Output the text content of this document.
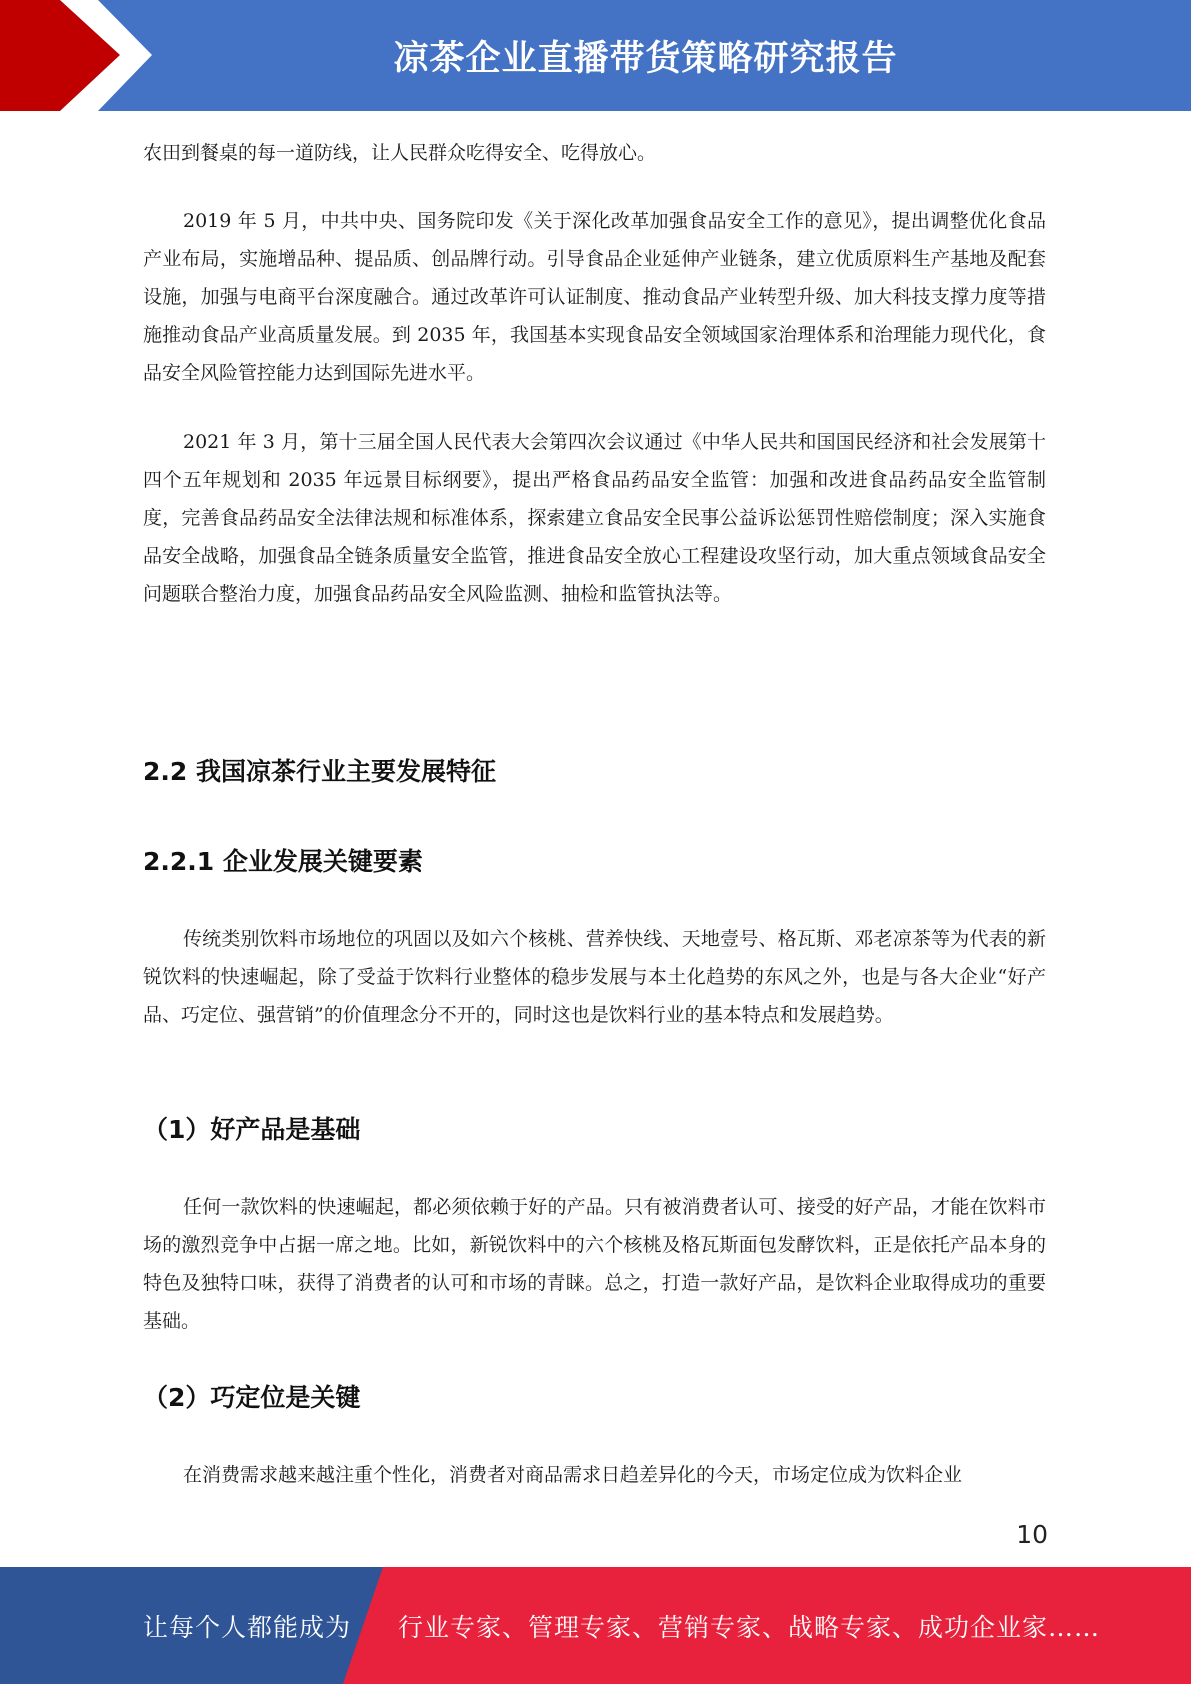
凉茶企业直播带货策略研究报告

农田到餐桌的每一道防线，让人民群众吃得安全、吃得放心。

2019 年 5 月，中共中央、国务院印发《关于深化改革加强食品安全工作的意见》，提出调整优化食品产业布局，实施增品种、提品质、创品牌行动。引导食品企业延伸产业链条，建立优质原料生产基地及配套设施，加强与电商平台深度融合。通过改革许可认证制度、推动食品产业转型升级、加大科技支撑力度等措施推动食品产业高质量发展。到 2035 年，我国基本实现食品安全领域国家治理体系和治理能力现代化，食品安全风险管控能力达到国际先进水平。

2021 年 3 月，第十三届全国人民代表大会第四次会议通过《中华人民共和国国民经济和社会发展第十四个五年规划和 2035 年远景目标纲要》，提出严格食品药品安全监管：加强和改进食品药品安全监管制度，完善食品药品安全法律法规和标准体系，探索建立食品安全民事公益诉讼惩罚性赔偿制度；深入实施食品安全战略，加强食品全链条质量安全监管，推进食品安全放心工程建设攻坚行动，加大重点领域食品安全问题联合整治力度，加强食品药品安全风险监测、抽检和监管执法等。

2.2 我国凉茶行业主要发展特征
2.2.1 企业发展关键要素

传统类别饮料市场地位的巩固以及如六个核桃、营养快线、天地壹号、格瓦斯、邓老凉茶等为代表的新锐饮料的快速崛起，除了受益于饮料行业整体的稳步发展与本土化趋势的东风之外，也是与各大企业“好产品、巧定位、强营销”的价值理念分不开的，同时这也是饮料行业的基本特点和发展趋势。

（1）好产品是基础

任何一款饮料的快速崛起，都必须依赖于好的产品。只有被消费者认可、接受的好产品，才能在饮料市场的激烈竞争中占据一席之地。比如，新锐饮料中的六个核桃及格瓦斯面包发酵饮料，正是依托产品本身的特色及独特口味，获得了消费者的认可和市场的青睐。总之，打造一款好产品，是饮料企业取得成功的重要基础。

（2）巧定位是关键

在消费需求越来越注重个性化，消费者对商品需求日趋差异化的今天，市场定位成为饮料企业

10
让每个人都能成为 行业专家、管理专家、营销专家、战略专家、成功企业家……
